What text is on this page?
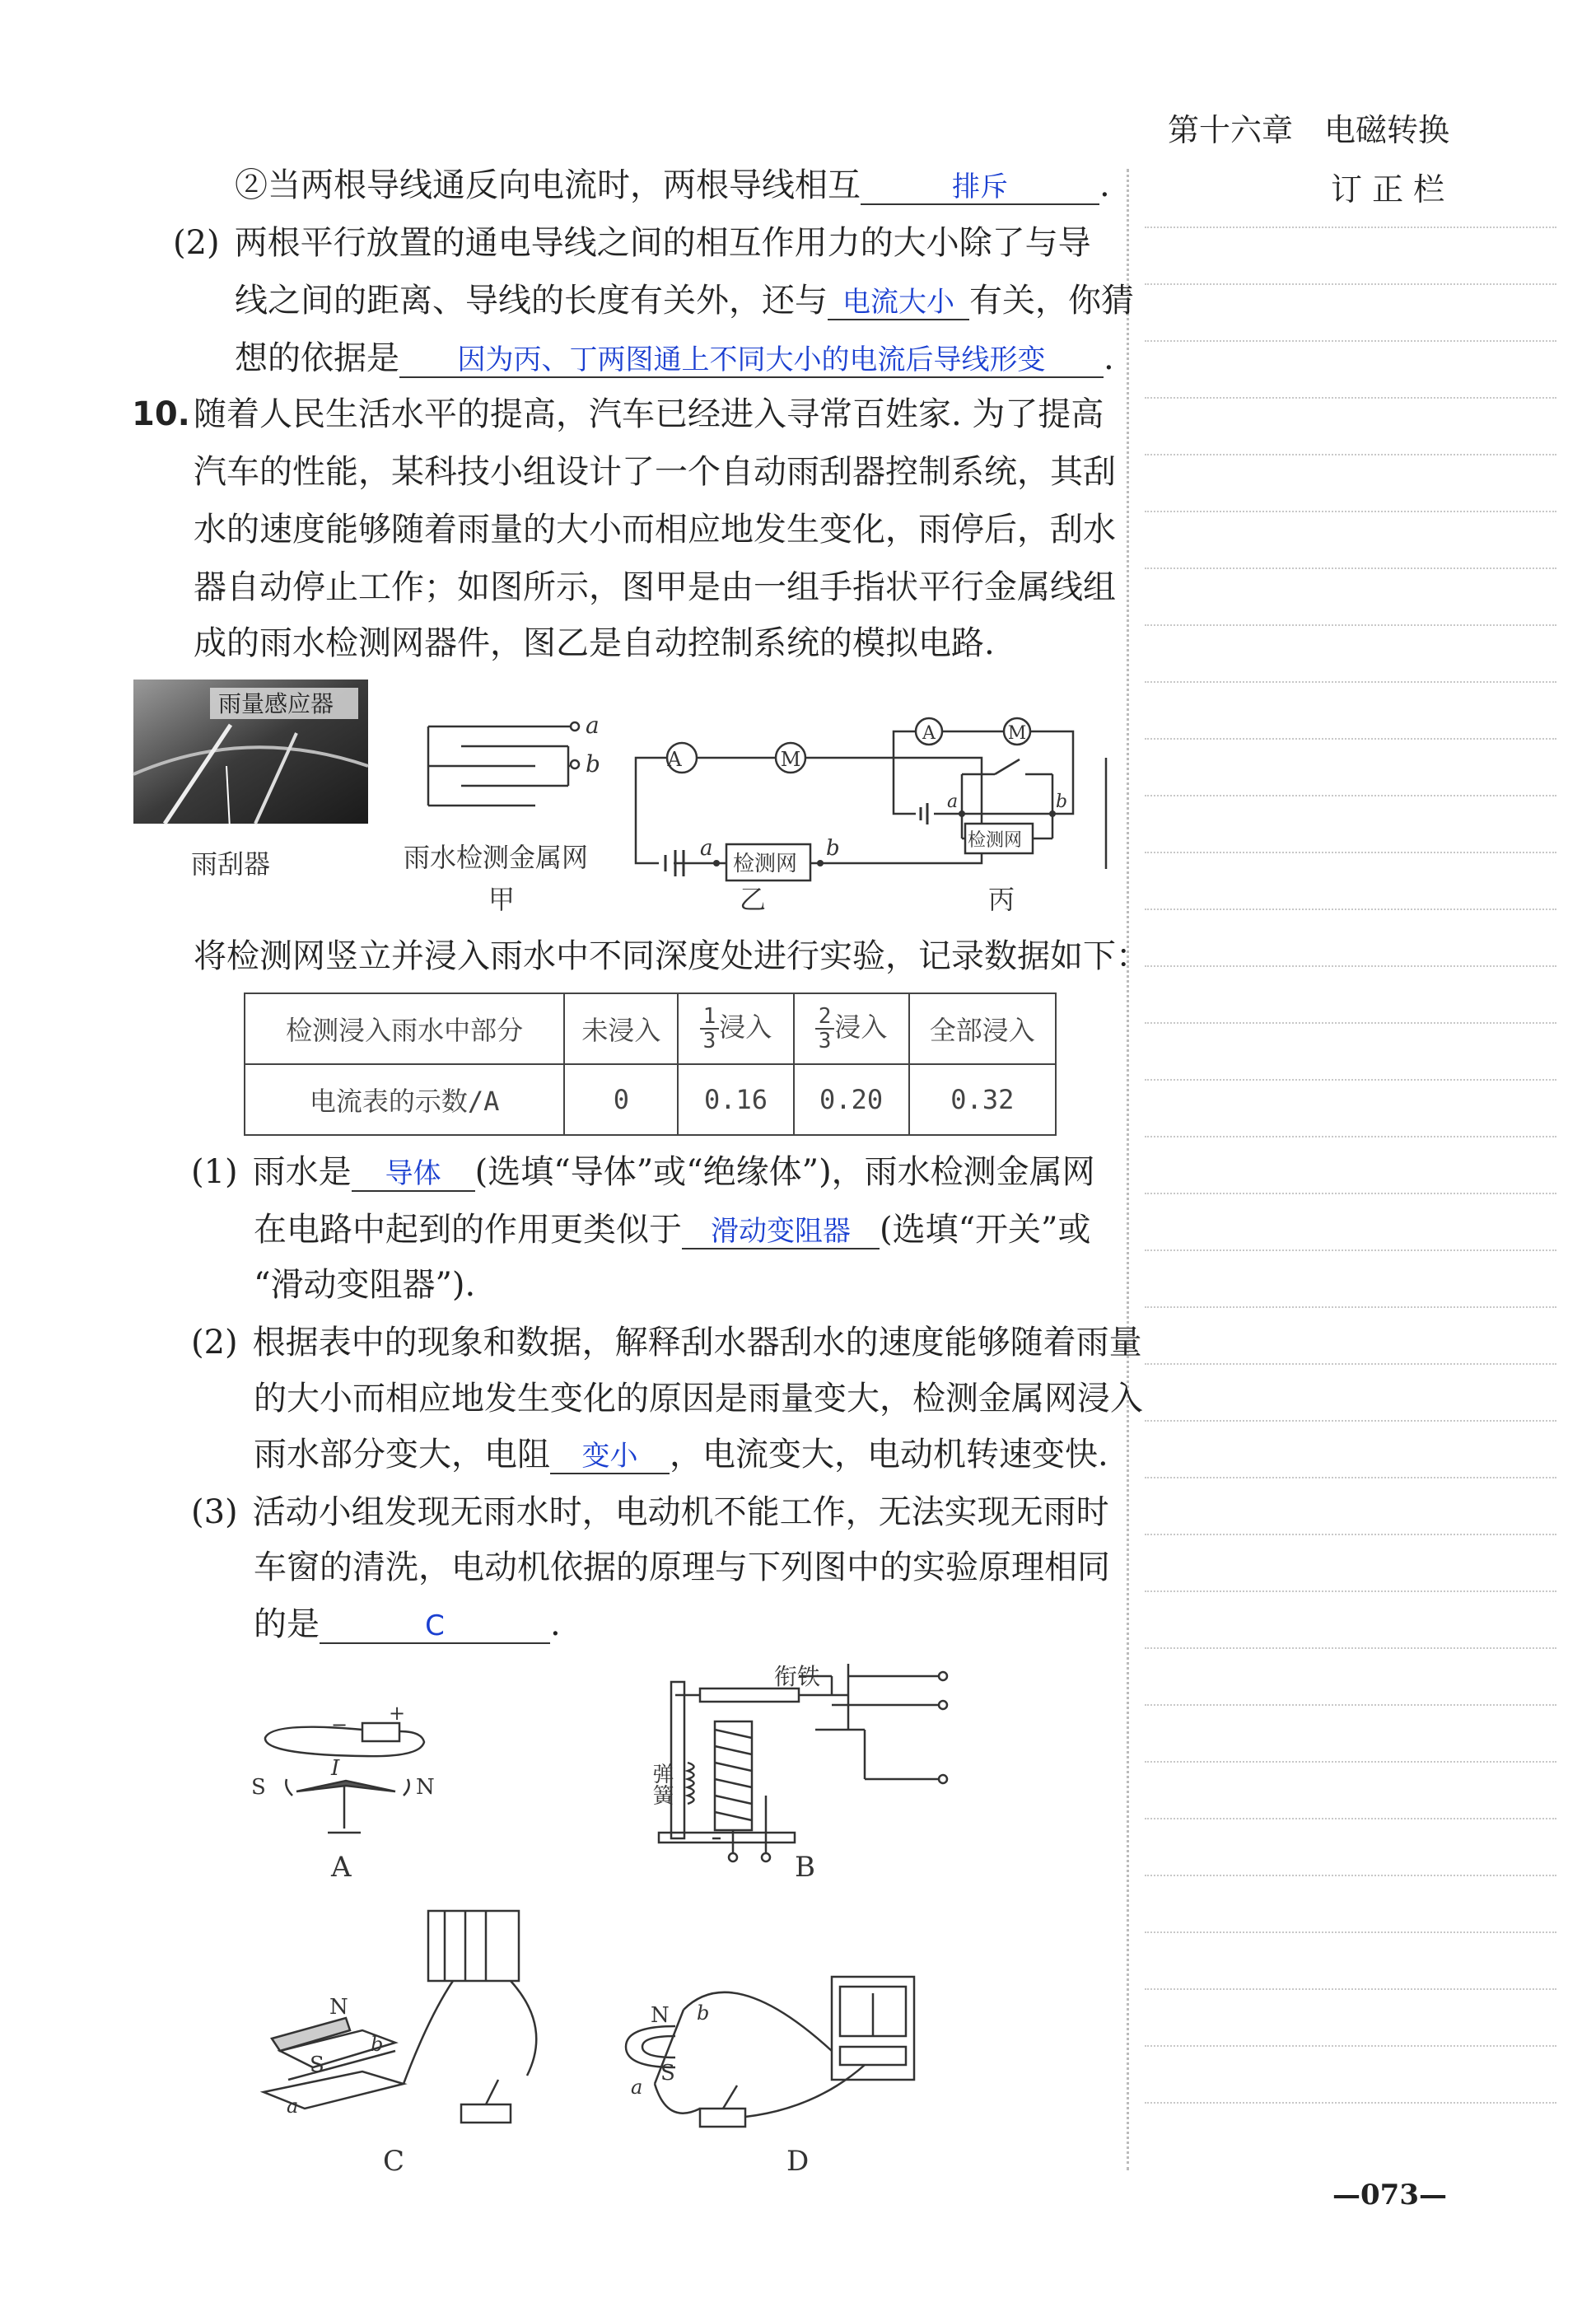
第十六章　电磁转换
订 正 栏
②当两根导线通反向电流时，两根导线相互	排斥	.
(2) 两根平行放置的通电导线之间的相互作用力的大小除了与导
线之间的距离、导线的长度有关外，还与 电流大小 有关，你猜
想的依据是 因为丙、丁两图通上不同大小的电流后导线形变 .
10. 随着人民生活水平的提高，汽车已经进入寻常百姓家. 为了提高
汽车的性能，某科技小组设计了一个自动雨刮器控制系统，其刮
水的速度能够随着雨量的大小而相应地发生变化，雨停后，刮水
器自动停止工作；如图所示，图甲是由一组手指状平行金属线组
成的雨水检测网器件，图乙是自动控制系统的模拟电路.
雨量感应器
雨刮器
a
b
雨水检测金属网
甲
A	M
检测网
a	b
乙
A	M
检测网
a	b
丙
将检测网竖立并浸入雨水中不同深度处进行实验，记录数据如下：
检测浸入雨水中部分	未浸入	$\frac{1}{3}$ 浸入	$\frac{2}{3}$ 浸入	全部浸入
电流表的示数/A	0	0.16	0.20	0.32
(1) 雨水是 导体 (选填“导体”或“绝缘体”)，雨水检测金属网
在电路中起到的作用更类似于 滑动变阻器 (选填“开关”或
“滑动变阻器”).
(2) 根据表中的现象和数据，解释刮水器刮水的速度能够随着雨量
的大小而相应地发生变化的原因是雨量变大，检测金属网浸入
雨水部分变大，电阻 变小 ，电流变大，电动机转速变快.
(3) 活动小组发现无雨水时，电动机不能工作，无法实现无雨时
车窗的清洗，电动机依据的原理与下列图中的实验原理相同
的是	C	.
− +
I
S	N
A
衔铁
弹簧
B
N
S
a
b
C
N
S
a
b
D
—073—
